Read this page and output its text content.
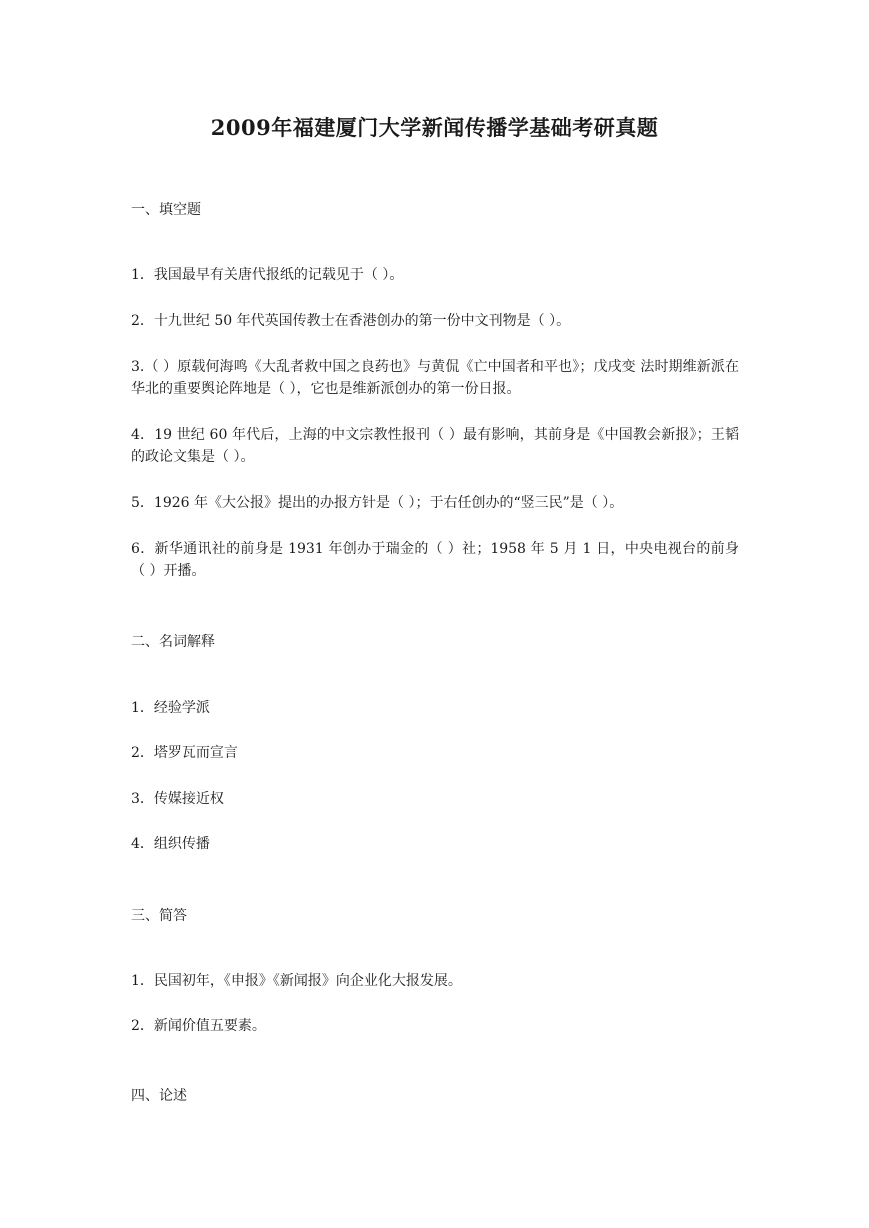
2009年福建厦门大学新闻传播学基础考研真题
一、填空题
1．我国最早有关唐代报纸的记载见于（ ）。
2．十九世纪 50 年代英国传教士在香港创办的第一份中文刊物是（ ）。
3.（ ）原载何海鸣《大乱者救中国之良药也》与黄侃《亡中国者和平也》；戊戌变 法时期维新派在华北的重要舆论阵地是（ ），它也是维新派创办的第一份日报。
4．19 世纪 60 年代后，上海的中文宗教性报刊（ ）最有影响，其前身是《中国教会新报》；王韬的政论文集是（ ）。
5．1926 年《大公报》提出的办报方针是（ ）；于右任创办的“竖三民”是（ ）。
6．新华通讯社的前身是 1931 年创办于瑞金的（ ）社；1958 年 5 月 1 日，中央电视台的前身（ ）开播。
二、名词解释
1．经验学派
2．塔罗瓦而宣言
3．传媒接近权
4．组织传播
三、简答
1．民国初年，《申报》《新闻报》向企业化大报发展。
2．新闻价值五要素。
四、论述
